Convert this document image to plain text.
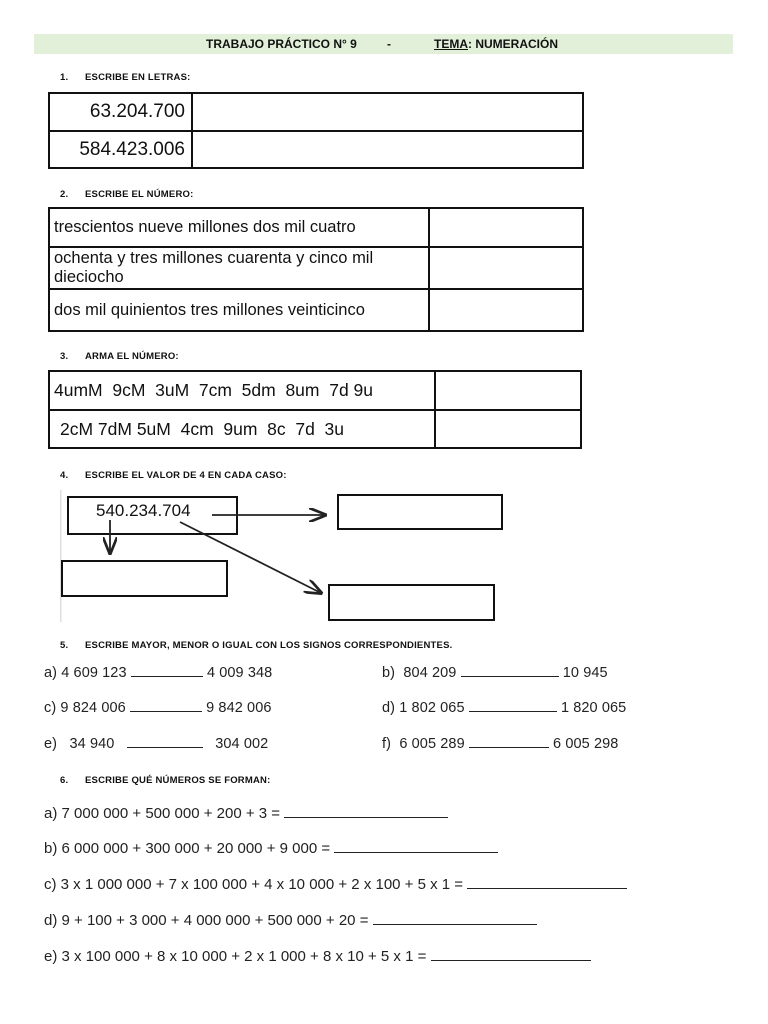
TRABAJO PRÁCTICO N° 9	-	TEMA: NUMERACIÓN
1. ESCRIBE EN LETRAS:
63.204.700	
584.423.006	
2. ESCRIBE EL NÚMERO:
trescientos nueve millones dos mil cuatro	
ochenta y tres millones cuarenta y cinco mil dieciocho	
dos mil quinientos tres millones veinticinco	
3. ARMA EL NÚMERO:
4umM  9cM  3uM  7cm  5dm  8um  7d 9u	
2cM 7dM 5uM  4cm  9um  8c  7d  3u	
4. ESCRIBE EL VALOR DE 4 EN CADA CASO:
540.234.704
5. ESCRIBE MAYOR, MENOR O IGUAL CON LOS SIGNOS CORRESPONDIENTES.
a) 4 609 123	4 009 348	b) 804 209	10 945
c) 9 824 006	9 842 006	d) 1 802 065	1 820 065
e) 34 940	304 002	f) 6 005 289	6 005 298
6. ESCRIBE QUÉ NÚMEROS SE FORMAN:
a) 7 000 000 + 500 000 + 200 + 3 =
b) 6 000 000 + 300 000 + 20 000 + 9 000 =
c) 3 x 1 000 000 + 7 x 100 000 + 4 x 10 000 + 2 x 100 + 5 x 1 =
d) 9 + 100 + 3 000 + 4 000 000 + 500 000 + 20 =
e) 3 x 100 000 + 8 x 10 000 + 2 x 1 000 + 8 x 10 + 5 x 1 =
